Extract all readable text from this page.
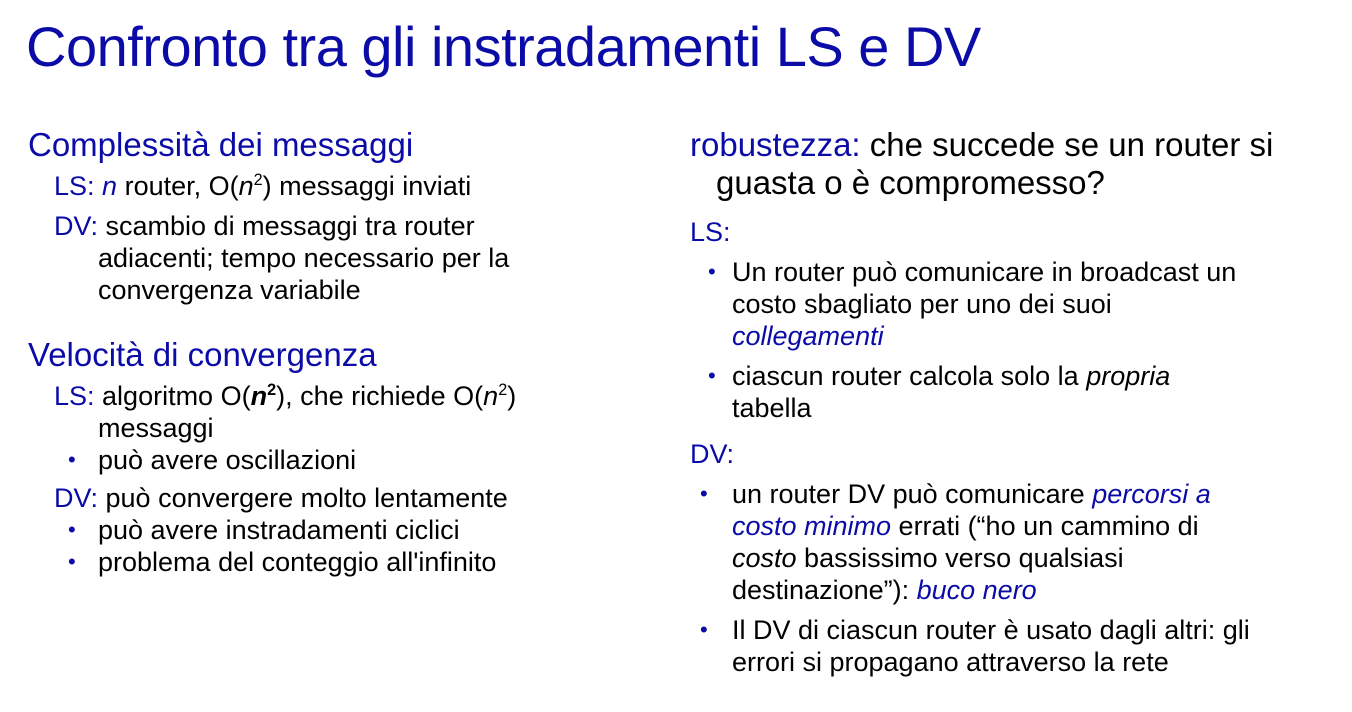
Confronto tra gli instradamenti LS e DV
Complessità dei messaggi
LS: n router, $O(n^2)$ messaggi inviati
DV: scambio di messaggi tra router
adiacenti; tempo necessario per la
convergenza variabile
Velocità di convergenza
LS: algoritmo $O(n^2)$, che richiede $O(n^2)$
messaggi
• può avere oscillazioni
DV: può convergere molto lentamente
• può avere instradamenti ciclici
• problema del conteggio all'infinito
robustezza: che succede se un router si
guasta o è compromesso?
LS:
• Un router può comunicare in broadcast un
costo sbagliato per uno dei suoi
collegamenti
• ciascun router calcola solo la propria
tabella
DV:
• un router DV può comunicare percorsi a
costo minimo errati (“ho un cammino di
costo bassissimo verso qualsiasi
destinazione”): buco nero
• Il DV di ciascun router è usato dagli altri: gli
errori si propagano attraverso la rete
